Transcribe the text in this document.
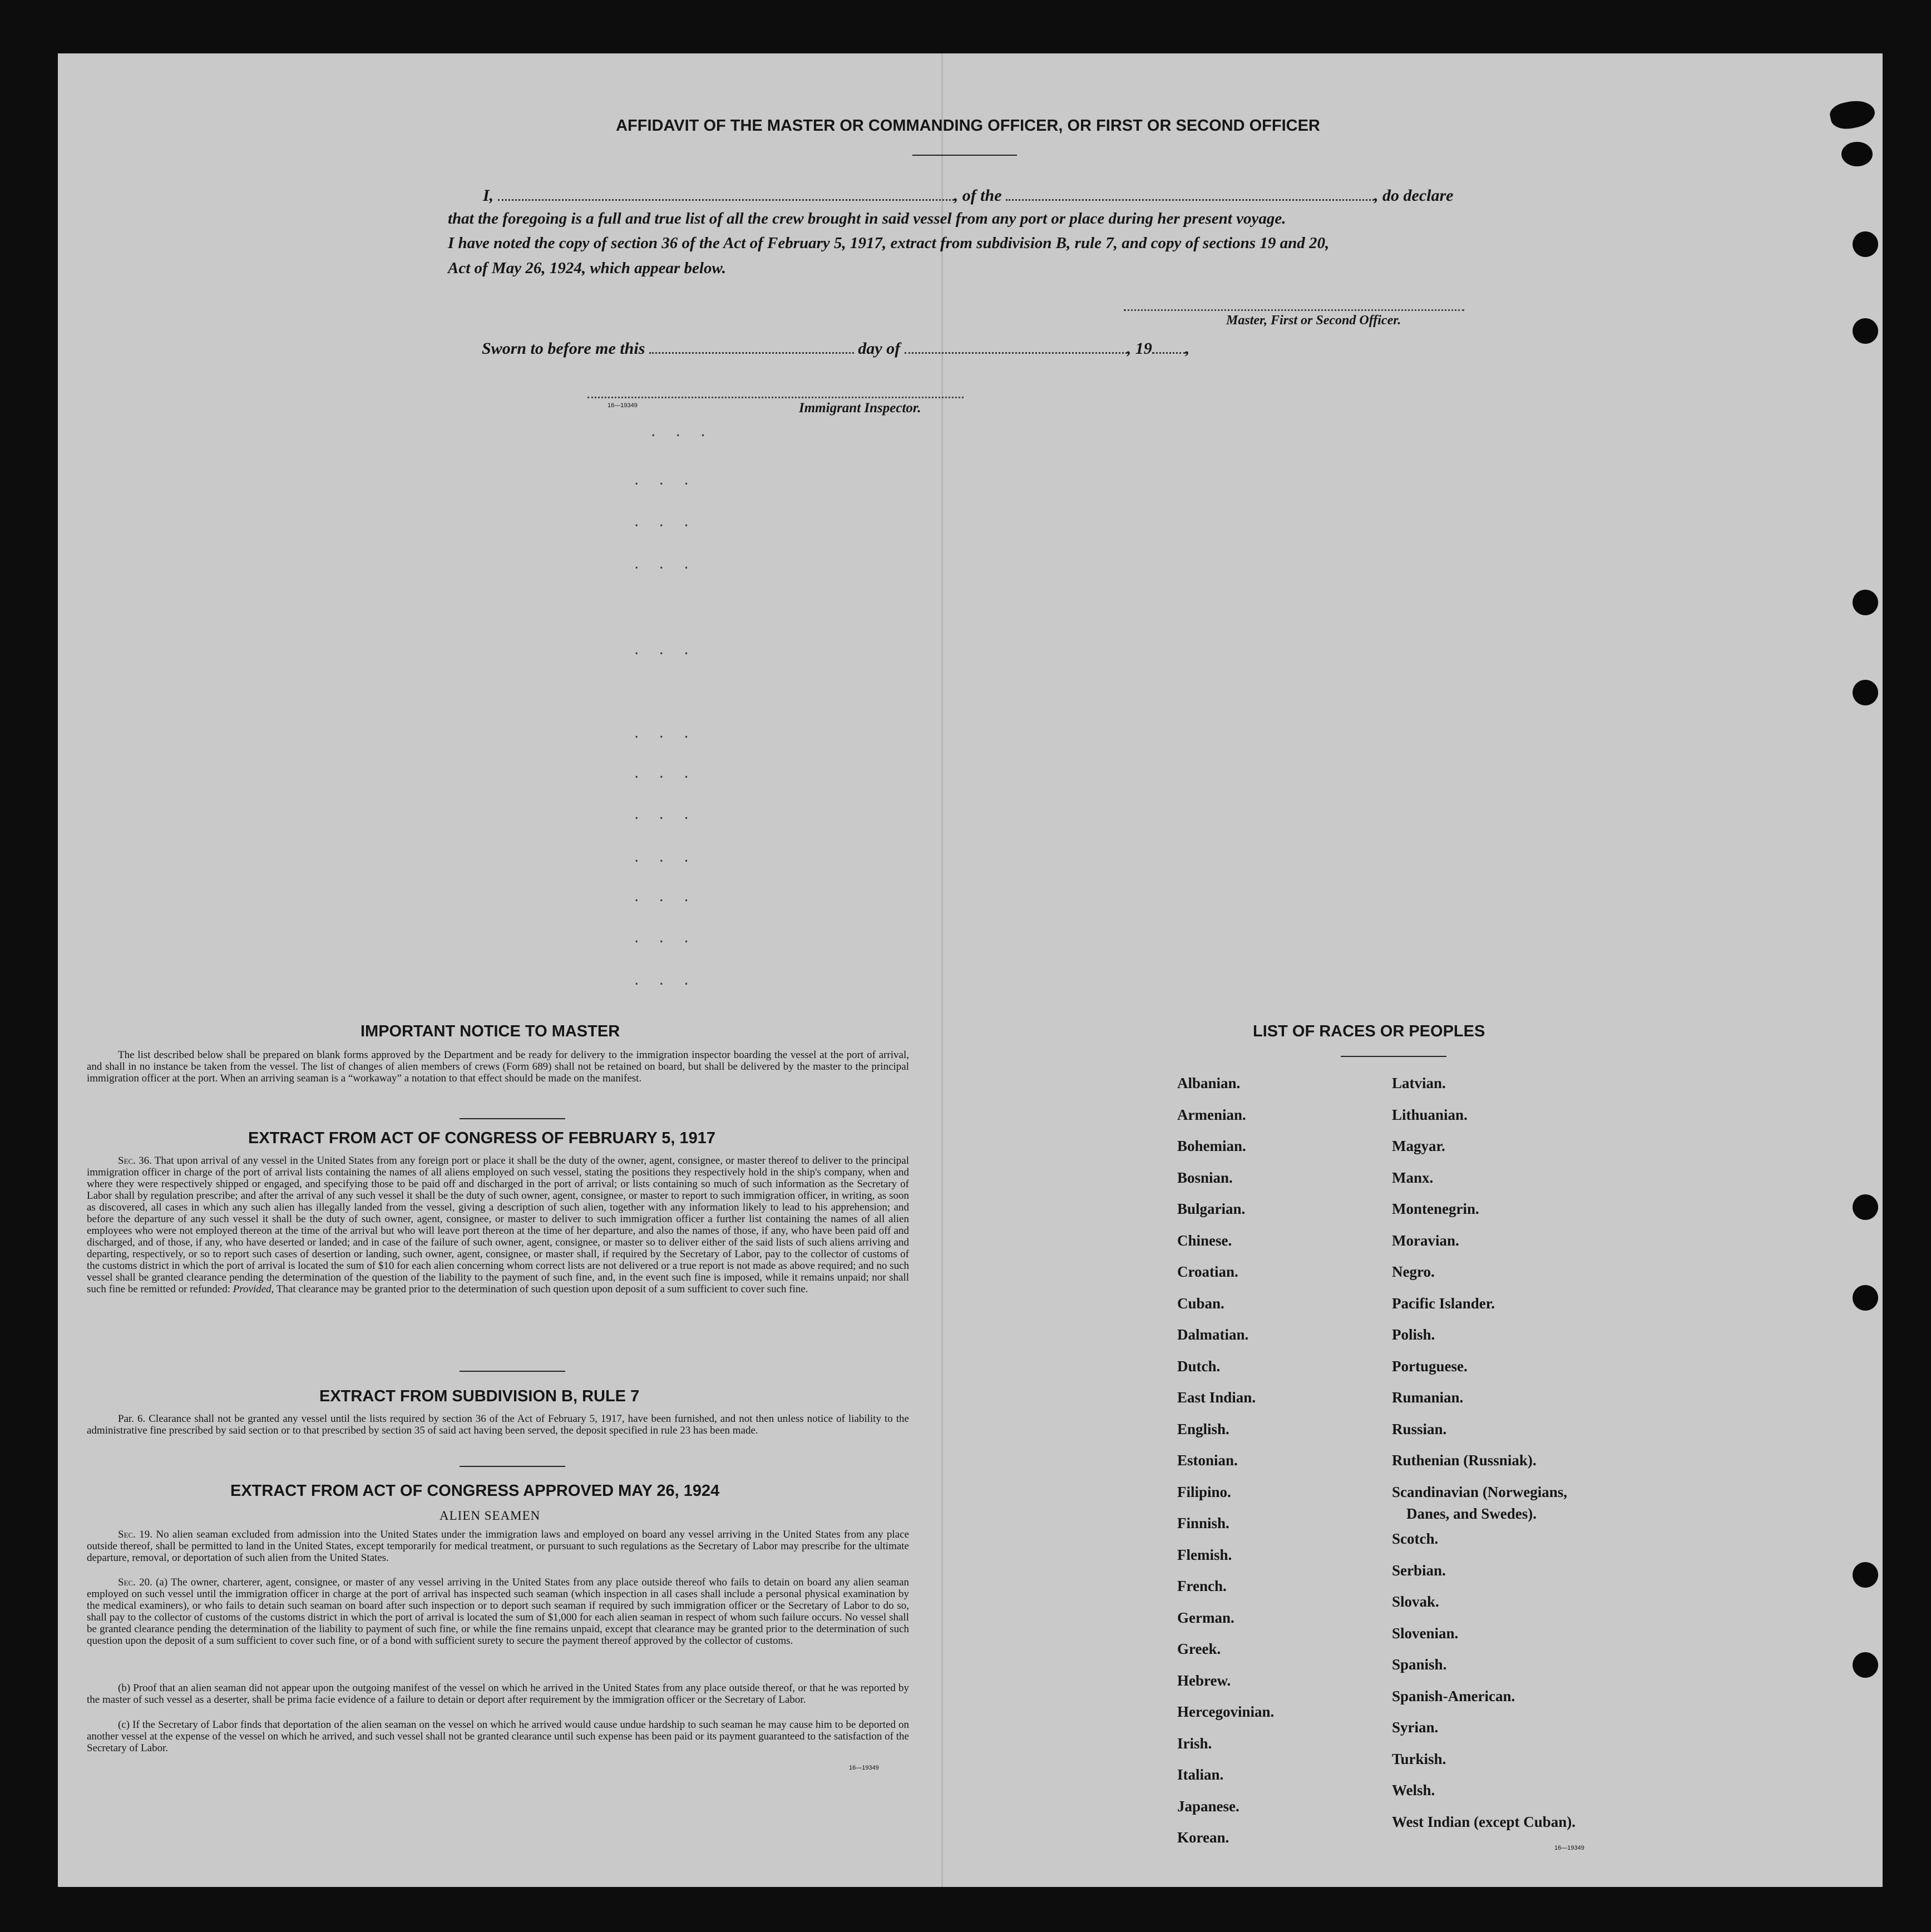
AFFIDAVIT OF THE MASTER OR COMMANDING OFFICER, OR FIRST OR SECOND OFFICER
I,	, of the	, do declare
that the foregoing is a full and true list of all the crew brought in said vessel from any port or place during her present voyage.
I have noted the copy of section 36 of the Act of February 5, 1917, extract from subdivision B, rule 7, and copy of sections 19 and 20,
Act of May 26, 1924, which appear below.
Master, First or Second Officer.
Sworn to before me this	day of	, 19 ,
16—19349	Immigrant Inspector.
. . .
. . .
. . .
. . .
. . .
. . .
. . .
. . .
. . .
. . .
. . .
. . .
IMPORTANT NOTICE TO MASTER
The list described below shall be prepared on blank forms approved by the Department and be ready for delivery to the immigration inspector boarding the vessel at the port of arrival, and shall in no instance be taken from the vessel. The list of changes of alien members of crews (Form 689) shall not be retained on board, but shall be delivered by the master to the principal immigration officer at the port. When an arriving seaman is a “workaway” a notation to that effect should be made on the manifest.
EXTRACT FROM ACT OF CONGRESS OF FEBRUARY 5, 1917
Sec. 36. That upon arrival of any vessel in the United States from any foreign port or place it shall be the duty of the owner, agent, consignee, or master thereof to deliver to the principal immigration officer in charge of the port of arrival lists containing the names of all aliens employed on such vessel, stating the positions they respectively hold in the ship's company, when and where they were respectively shipped or engaged, and specifying those to be paid off and discharged in the port of arrival; or lists containing so much of such information as the Secretary of Labor shall by regulation prescribe; and after the arrival of any such vessel it shall be the duty of such owner, agent, consignee, or master to report to such immigration officer, in writing, as soon as discovered, all cases in which any such alien has illegally landed from the vessel, giving a description of such alien, together with any information likely to lead to his apprehension; and before the departure of any such vessel it shall be the duty of such owner, agent, consignee, or master to deliver to such immigration officer a further list containing the names of all alien employees who were not employed thereon at the time of the arrival but who will leave port thereon at the time of her departure, and also the names of those, if any, who have been paid off and discharged, and of those, if any, who have deserted or landed; and in case of the failure of such owner, agent, consignee, or master so to deliver either of the said lists of such aliens arriving and departing, respectively, or so to report such cases of desertion or landing, such owner, agent, consignee, or master shall, if required by the Secretary of Labor, pay to the collector of customs of the customs district in which the port of arrival is located the sum of $10 for each alien concerning whom correct lists are not delivered or a true report is not made as above required; and no such vessel shall be granted clearance pending the determination of the question of the liability to the payment of such fine, and, in the event such fine is imposed, while it remains unpaid; nor shall such fine be remitted or refunded: Provided, That clearance may be granted prior to the determination of such question upon deposit of a sum sufficient to cover such fine.
EXTRACT FROM SUBDIVISION B, RULE 7
Par. 6. Clearance shall not be granted any vessel until the lists required by section 36 of the Act of February 5, 1917, have been furnished, and not then unless notice of liability to the administrative fine prescribed by said section or to that prescribed by section 35 of said act having been served, the deposit specified in rule 23 has been made.
EXTRACT FROM ACT OF CONGRESS APPROVED MAY 26, 1924
ALIEN SEAMEN
Sec. 19. No alien seaman excluded from admission into the United States under the immigration laws and employed on board any vessel arriving in the United States from any place outside thereof, shall be permitted to land in the United States, except temporarily for medical treatment, or pursuant to such regulations as the Secretary of Labor may prescribe for the ultimate departure, removal, or deportation of such alien from the United States.
Sec. 20. (a) The owner, charterer, agent, consignee, or master of any vessel arriving in the United States from any place outside thereof who fails to detain on board any alien seaman employed on such vessel until the immigration officer in charge at the port of arrival has inspected such seaman (which inspection in all cases shall include a personal physical examination by the medical examiners), or who fails to detain such seaman on board after such inspection or to deport such seaman if required by such immigration officer or the Secretary of Labor to do so, shall pay to the collector of customs of the customs district in which the port of arrival is located the sum of $1,000 for each alien seaman in respect of whom such failure occurs. No vessel shall be granted clearance pending the determination of the liability to payment of such fine, or while the fine remains unpaid, except that clearance may be granted prior to the determination of such question upon the deposit of a sum sufficient to cover such fine, or of a bond with sufficient surety to secure the payment thereof approved by the collector of customs.
(b) Proof that an alien seaman did not appear upon the outgoing manifest of the vessel on which he arrived in the United States from any place outside thereof, or that he was reported by the master of such vessel as a deserter, shall be prima facie evidence of a failure to detain or deport after requirement by the immigration officer or the Secretary of Labor.
(c) If the Secretary of Labor finds that deportation of the alien seaman on the vessel on which he arrived would cause undue hardship to such seaman he may cause him to be deported on another vessel at the expense of the vessel on which he arrived, and such vessel shall not be granted clearance until such expense has been paid or its payment guaranteed to the satisfaction of the Secretary of Labor.
16—19349
LIST OF RACES OR PEOPLES
Albanian.
Armenian.
Bohemian.
Bosnian.
Bulgarian.
Chinese.
Croatian.
Cuban.
Dalmatian.
Dutch.
East Indian.
English.
Estonian.
Filipino.
Finnish.
Flemish.
French.
German.
Greek.
Hebrew.
Hercegovinian.
Irish.
Italian.
Japanese.
Korean.
Latvian.
Lithuanian.
Magyar.
Manx.
Montenegrin.
Moravian.
Negro.
Pacific Islander.
Polish.
Portuguese.
Rumanian.
Russian.
Ruthenian (Russniak).
Scandinavian (Norwegians,
Scotch.
Serbian.
Slovak.
Slovenian.
Spanish.
Spanish-American.
Syrian.
Turkish.
Welsh.
West Indian (except Cuban).
Danes, and Swedes).
16—19349
